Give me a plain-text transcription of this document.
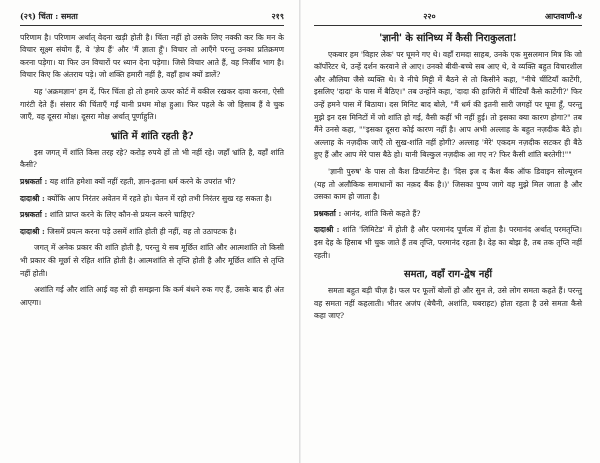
(२९) चिंता : समता	२१९

परिणाम है। परिणाम अर्थात् वेदना खड़ी होती है। चिंता नहीं हो उसके लिए नक्की कर कि मन के विचार सूक्ष्म संयोग हैं, वे 'ज्ञेय हैं' और 'मैं ज्ञाता हूँ'। विचार तो आएँगे परन्तु उनका प्रतिक्रमण करना पड़ेगा। या फिर उन विचारों पर ध्यान देना पड़ेगा। जिसे विचार आते हैं, वह निर्जीव भाग है। विचार किए कि अंतराय पड़े। जो शक्ति हमारी नहीं है, वहाँ हाथ क्यों डालें?

यह 'अक्रमज्ञान' हम दें, फिर चिंता हो तो हमारे ऊपर कोर्ट में वकील रखकर दावा करना, ऐसी गारंटी देते हैं। संसार की चिंताएँ गईं यानी प्रथम मोक्ष हुआ। फिर पहले के जो हिसाब हैं वे चुक जाएँ, वह दूसरा मोक्ष। दूसरा मोक्ष अर्थात् पूर्णाहुति।

भ्रांति में शांति रहती है?

इस जगत् में शांति किस तरह रहे? करोड़ रुपये हों तो भी नहीं रहे। जहाँ भ्रांति है, वहाँ शांति कैसी?

प्रश्नकर्ता : यह शांति हमेशा क्यों नहीं रहती, ज्ञान-इतना धर्म करने के उपरांत भी?

दादाश्री : क्योंकि आप निरंतर अवेतन में रहते हो। चेतन में रहो तभी निरंतर सुख रह सकता है।

प्रश्नकर्ता : शांति प्राप्त करने के लिए कौन-से प्रयत्न करने चाहिए?

दादाश्री : जिसमें प्रयत्न करना पड़े उसमें शांति होती ही नहीं, वह तो उठापटक है।

जगत् में अनेक प्रकार की शांति होती है, परन्तु ये सब मूर्छित शांति और आत्मशांति तो किसी भी प्रकार की मूर्छा से रहित शांति होती है। आत्मशांति से तृप्ति होती है और मूर्छित शांति से तृप्ति नहीं होती।

अशांति गई और शांति आई वह सो ही समझना कि कर्म बंधने रुक गए हैं, उसके बाद ही अंत आएगा।

२२०	आप्तवाणी-४
'ज्ञानी' के सांनिध्य में कैसी निराकुलता!

एकबार हम 'विहार लेक' पर घूमने गए थे। वहाँ रामदा साहब, उनके एक मुसलमान मित्र कि जो कॉर्पोरेटर थे, उन्हें दर्शन करवाने ले आए। उनको बीवी-बच्चे सब आए थे, वे व्यक्ति बहुत विचारशील और औलिया जैसे व्यक्ति थे। वे नीचे मिट्टी में बैठने से तो किसीने कहा, "नीचे चींटियाँ काटेंगी, इसलिए 'दादा' के पास में बैठिए।" तब उन्होंने कहा, 'दादा की हाजिरी में चींटियाँ कैसे काटेंगी?' फिर उन्हें हमने पास में बिठाया। दस मिनिट बाद बोले, "मैं धर्म की इतनी सारी जगहों पर घूमा हूँ, परन्तु मुझे इन दस मिनिटों में जो शांति हो गई, वैसी कहीं भी नहीं हुई। तो इसका क्या कारण होगा?" तब मैंने उनसे कहा, ""इसका दूसरा कोई कारण नहीं है। आप अभी अल्लाह के बहुत नज़दीक बैठे हो। अल्लाह के नज़दीक जाएँ तो सुख-शांति नहीं होगी? अल्लाह 'मेरे' एकदम नज़दीक सटकर ही बैठे हुए हैं और आप मेरे पास बैठे हो। यानी बिल्कुल नज़दीक आ गए न? फिर कैसी शांति बरतेगी!""

'ज्ञानी पुरुष' के पास तो कैश डिपार्टमेन्ट है। 'दिस इज द कैश बैंक ऑफ डिवाइन सोल्यूशन (यह तो अलौकिक समाधानों का नक़द बैंक है।)' जिसका पुण्य जागे वह मुझे मिल जाता है और उसका काम हो जाता है।

प्रश्नकर्ता : आनंद, शांति किसे कहते हैं?

दादाश्री : शांति 'लिमिटेड' में होती है और परमानंद पूर्णत्व में होता है। परमानंद अर्थात् परमतृप्ति। इस देह के हिसाब भी चुक जाते हैं तब तृप्ति, परमानंद रहता है। देह का बोझ है, तब तक तृप्ति नहीं रहती।

समता, वहाँ राग-द्वेष नहीं

समता बहुत बड़ी चीज़ है। फल पर फूलों बोलों हो और सुन ले, उसे लोग समता कहते हैं। परन्तु वह समता नहीं कहलाती। भीतर अजंप (बेचैनी, अशांति, घबराहट) होता रहता है उसे समता कैसे कहा जाए?
